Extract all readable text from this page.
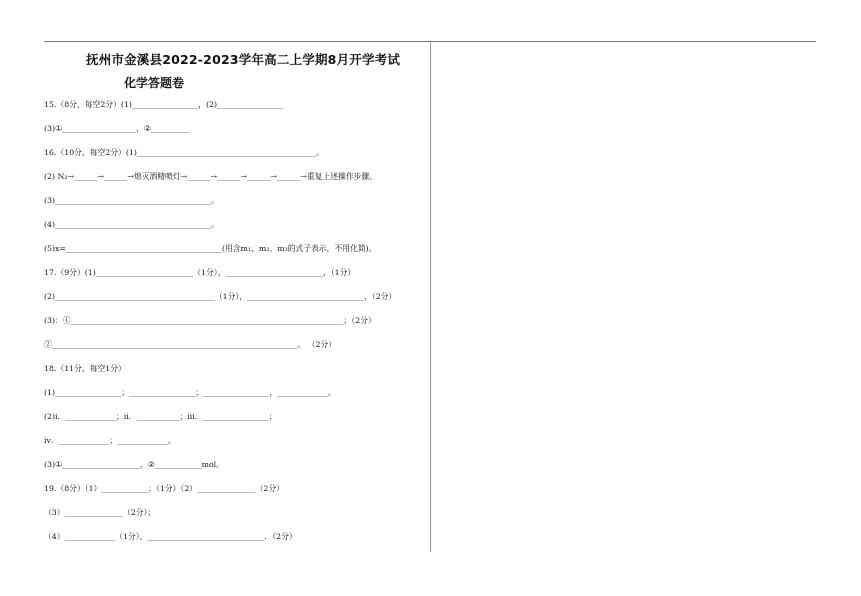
抚州市金溪县2022-2023学年高二上学期8月开学考试
化学答题卷
15.（8分，每空2分）(1)_________________，(2)_________________
(3)①___________________，②__________
16.（10分，每空2分）(1)______________________________________________。
(2) N₂→______→______→熄灭酒精喷灯→______→______→______→______→重复上述操作步骤。
(3)________________________________________。
(4)________________________________________。
(5)x=________________________________________(用含m₁、m₂、m₃的式子表示，不用化简)。
17.（9分）(1)_________________________（1分），_________________________，（1分）
(2)_________________________________________（1分），______________________________，（2分）
(3)：①______________________________________________________________________；（2分）
②_______________________________________________________________。 （2分）
18.（11分，每空1分）
(1)_________________；_________________；_________________，_____________。
(2)i．_____________；ii．___________；iii．_________________；
iv．_____________；_____________。
(3)①____________________，②____________mol。
19.（8分）（1）____________；（1分）（2）_______________（2分）
（3）_______________（2分）；
（4）_____________（1分），______________________________．（2分）
